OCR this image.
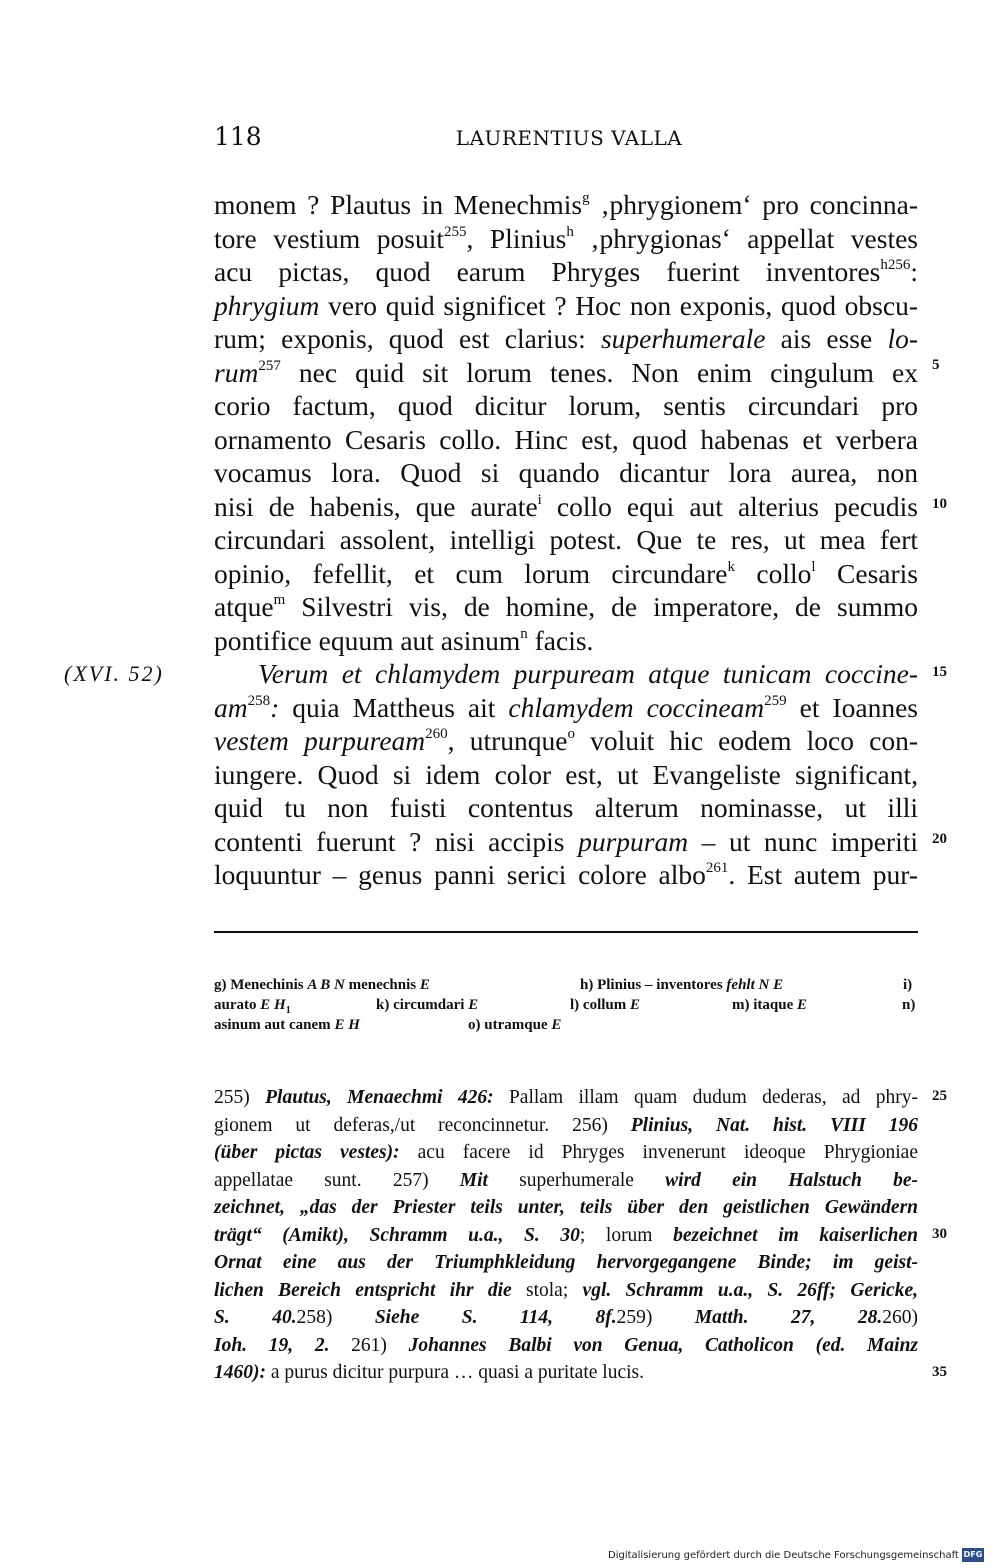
118	LAURENTIUS VALLA
(XVI. 52)
monem ? Plautus in Menechmis$^g$ ‚phrygionem‘ pro concinna-
tore vestium posuit$^{255}$, Plinius$^h$ ‚phrygionas‘ appellat vestes
acu pictas, quod earum Phryges fuerint inventores$^{h256}$:
phrygium vero quid significet ? Hoc non exponis, quod obscu-
rum; exponis, quod est clarius: superhumerale ais esse lo-
rum$^{257}$ nec quid sit lorum tenes. Non enim cingulum ex
corio factum, quod dicitur lorum, sentis circundari pro
ornamento Cesaris collo. Hinc est, quod habenas et verbera
vocamus lora. Quod si quando dicantur lora aurea, non
nisi de habenis, que aurate$^i$ collo equi aut alterius pecudis
circundari assolent, intelligi potest. Que te res, ut mea fert
opinio, fefellit, et cum lorum circundare$^k$ collo$^l$ Cesaris
atque$^m$ Silvestri vis, de homine, de imperatore, de summo
pontifice equum aut asinum$^n$ facis.
Verum et chlamydem purpuream atque tunicam coccine-
$am^{258}$: quia Mattheus ait chlamydem coccineam$^{259}$ et Ioannes
vestem purpuream$^{260}$, utrunque$^o$ voluit hic eodem loco con-
iungere. Quod si idem color est, ut Evangeliste significant,
quid tu non fuisti contentus alterum nominasse, ut illi
contenti fuerunt ? nisi accipis purpuram – ut nunc imperiti
loquuntur – genus panni serici colore albo$^{261}$. Est autem pur-
5
10
15
20
g) Menechinis A B N menechnis E	h) Plinius – inventores fehlt N E	i)
aurato E $H_1$	k) circumdari E	l) collum E	m) itaque E	n)
asinum aut canem E H	o) utramque E
255) Plautus, Menaechmi 426: Pallam illam quam dudum dederas, ad phry-
gionem ut deferas,/ut reconcinnetur. 256) Plinius, Nat. hist. VIII 196
(über pictas vestes): acu facere id Phryges invenerunt ideoque Phrygioniae
appellatae sunt. 257) Mit superhumerale wird ein Halstuch be-
zeichnet, „das der Priester teils unter, teils über den geistlichen Gewändern
trägt“ (Amikt), Schramm u.a., S. 30; lorum bezeichnet im kaiserlichen
Ornat eine aus der Triumphkleidung hervorgegangene Binde; im geist-
lichen Bereich entspricht ihr die stola; vgl. Schramm u.a., S. 26ff; Gericke,
S. 40.258) Siehe S. 114, 8f.259) Matth. 27, 28.260)
Ioh. 19, 2. 261) Johannes Balbi von Genua, Catholicon (ed. Mainz
1460): a purus dicitur purpura … quasi a puritate lucis.
25
30
35
Digitalisierung gefördert durch die Deutsche Forschungsgemeinschaft DFG
